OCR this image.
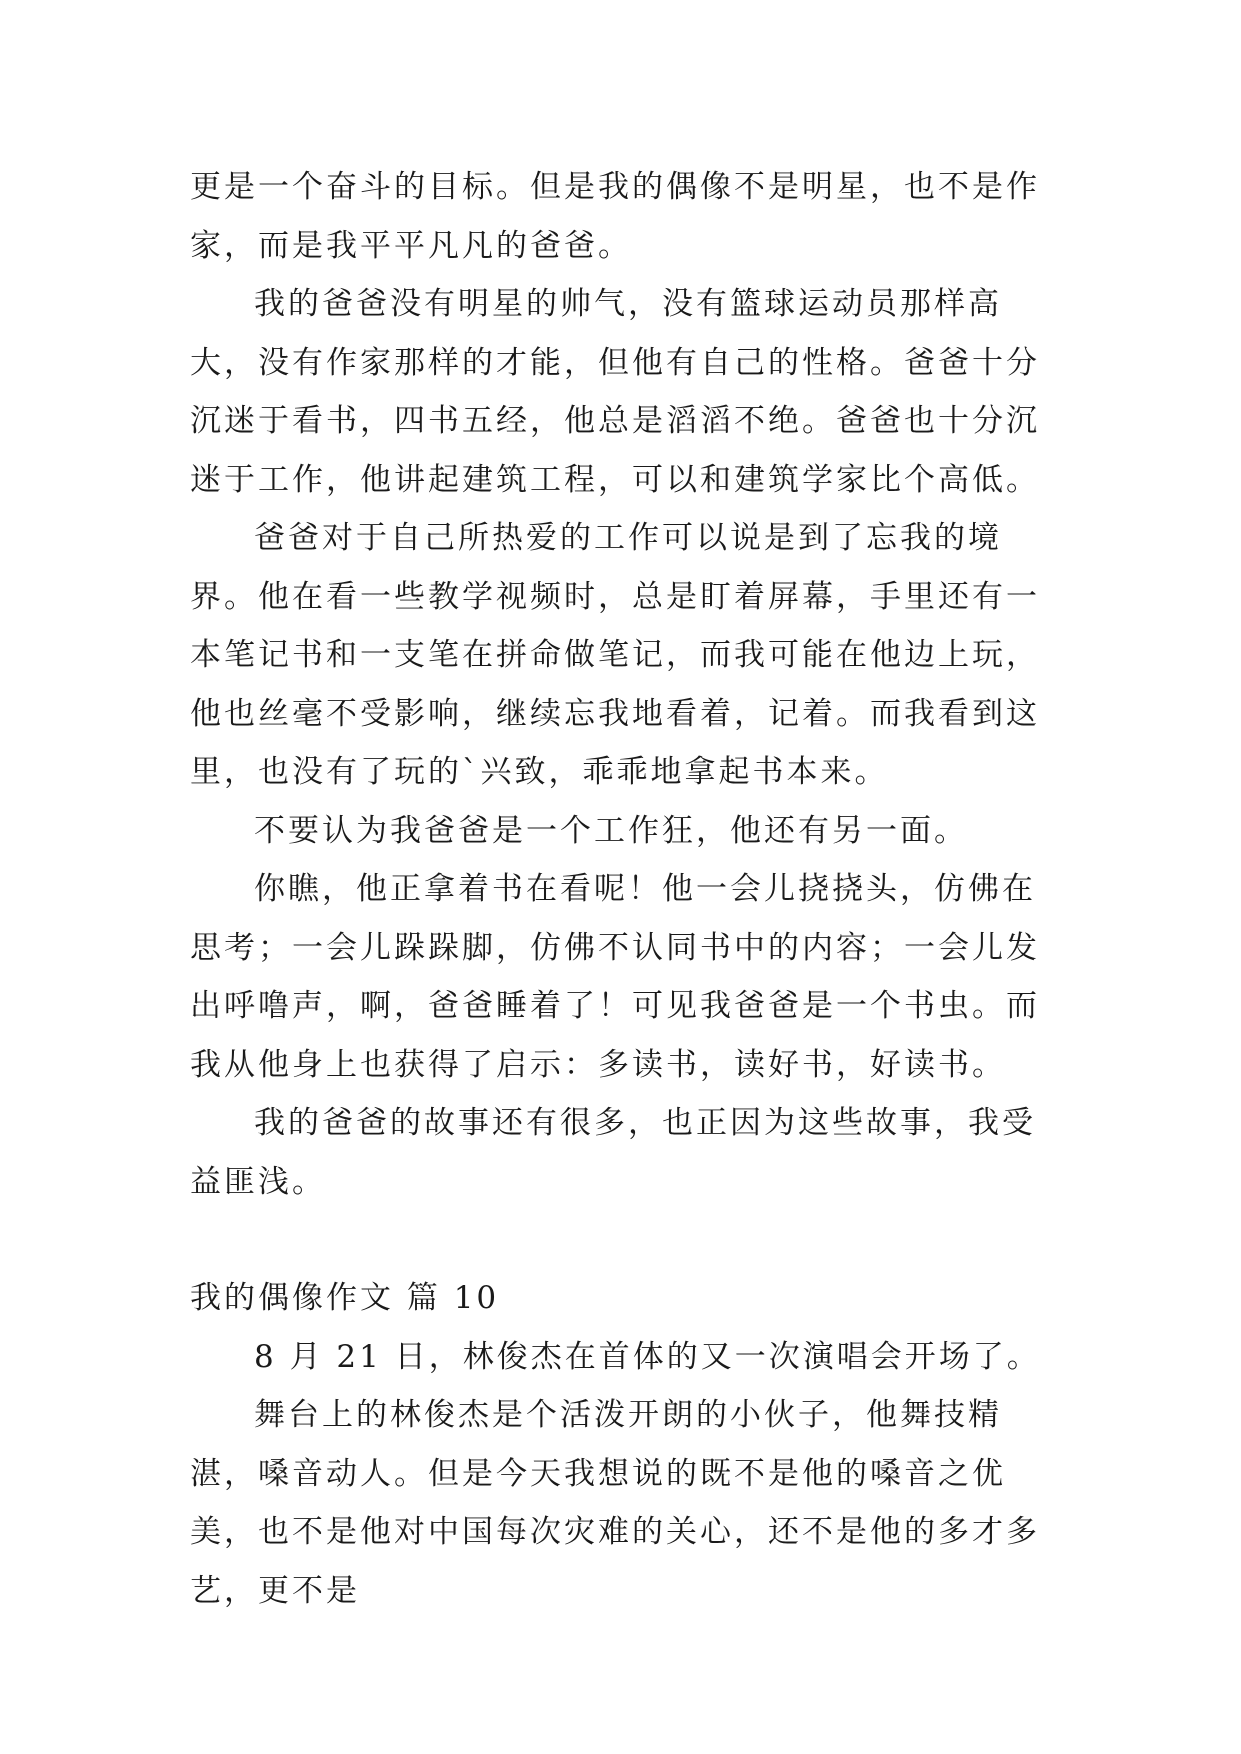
更是一个奋斗的目标。但是我的偶像不是明星，也不是作家，而是我平平凡凡的爸爸。

我的爸爸没有明星的帅气，没有篮球运动员那样高大，没有作家那样的才能，但他有自己的性格。爸爸十分沉迷于看书，四书五经，他总是滔滔不绝。爸爸也十分沉迷于工作，他讲起建筑工程，可以和建筑学家比个高低。

爸爸对于自己所热爱的工作可以说是到了忘我的境界。他在看一些教学视频时，总是盯着屏幕，手里还有一本笔记书和一支笔在拼命做笔记，而我可能在他边上玩，他也丝毫不受影响，继续忘我地看着，记着。而我看到这里，也没有了玩的`兴致，乖乖地拿起书本来。

不要认为我爸爸是一个工作狂，他还有另一面。

你瞧，他正拿着书在看呢！他一会儿挠挠头，仿佛在思考；一会儿跺跺脚，仿佛不认同书中的内容；一会儿发出呼噜声，啊，爸爸睡着了！可见我爸爸是一个书虫。而我从他身上也获得了启示：多读书，读好书，好读书。

我的爸爸的故事还有很多，也正因为这些故事，我受益匪浅。

我的偶像作文 篇 10

8 月 21 日，林俊杰在首体的又一次演唱会开场了。

舞台上的林俊杰是个活泼开朗的小伙子，他舞技精湛，嗓音动人。但是今天我想说的既不是他的嗓音之优美，也不是他对中国每次灾难的关心，还不是他的多才多艺，更不是
